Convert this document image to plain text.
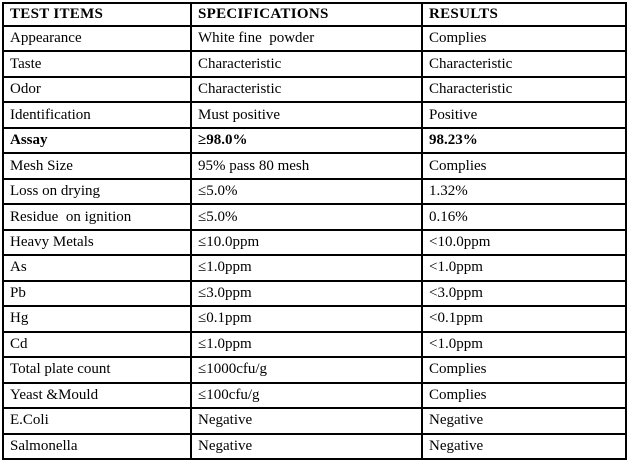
TEST ITEMS	SPECIFICATIONS	RESULTS
Appearance	White fine  powder	Complies
Taste	Characteristic	Characteristic
Odor	Characteristic	Characteristic
Identification	Must positive	Positive
Assay	≥98.0%	98.23%
Mesh Size	95% pass 80 mesh	Complies
Loss on drying	≤5.0%	1.32%
Residue  on ignition	≤5.0%	0.16%
Heavy Metals	≤10.0ppm	<10.0ppm
As	≤1.0ppm	<1.0ppm
Pb	≤3.0ppm	<3.0ppm
Hg	≤0.1ppm	<0.1ppm
Cd	≤1.0ppm	<1.0ppm
Total plate count	≤1000cfu/g	Complies
Yeast &Mould	≤100cfu/g	Complies
E.Coli	Negative	Negative
Salmonella	Negative	Negative
